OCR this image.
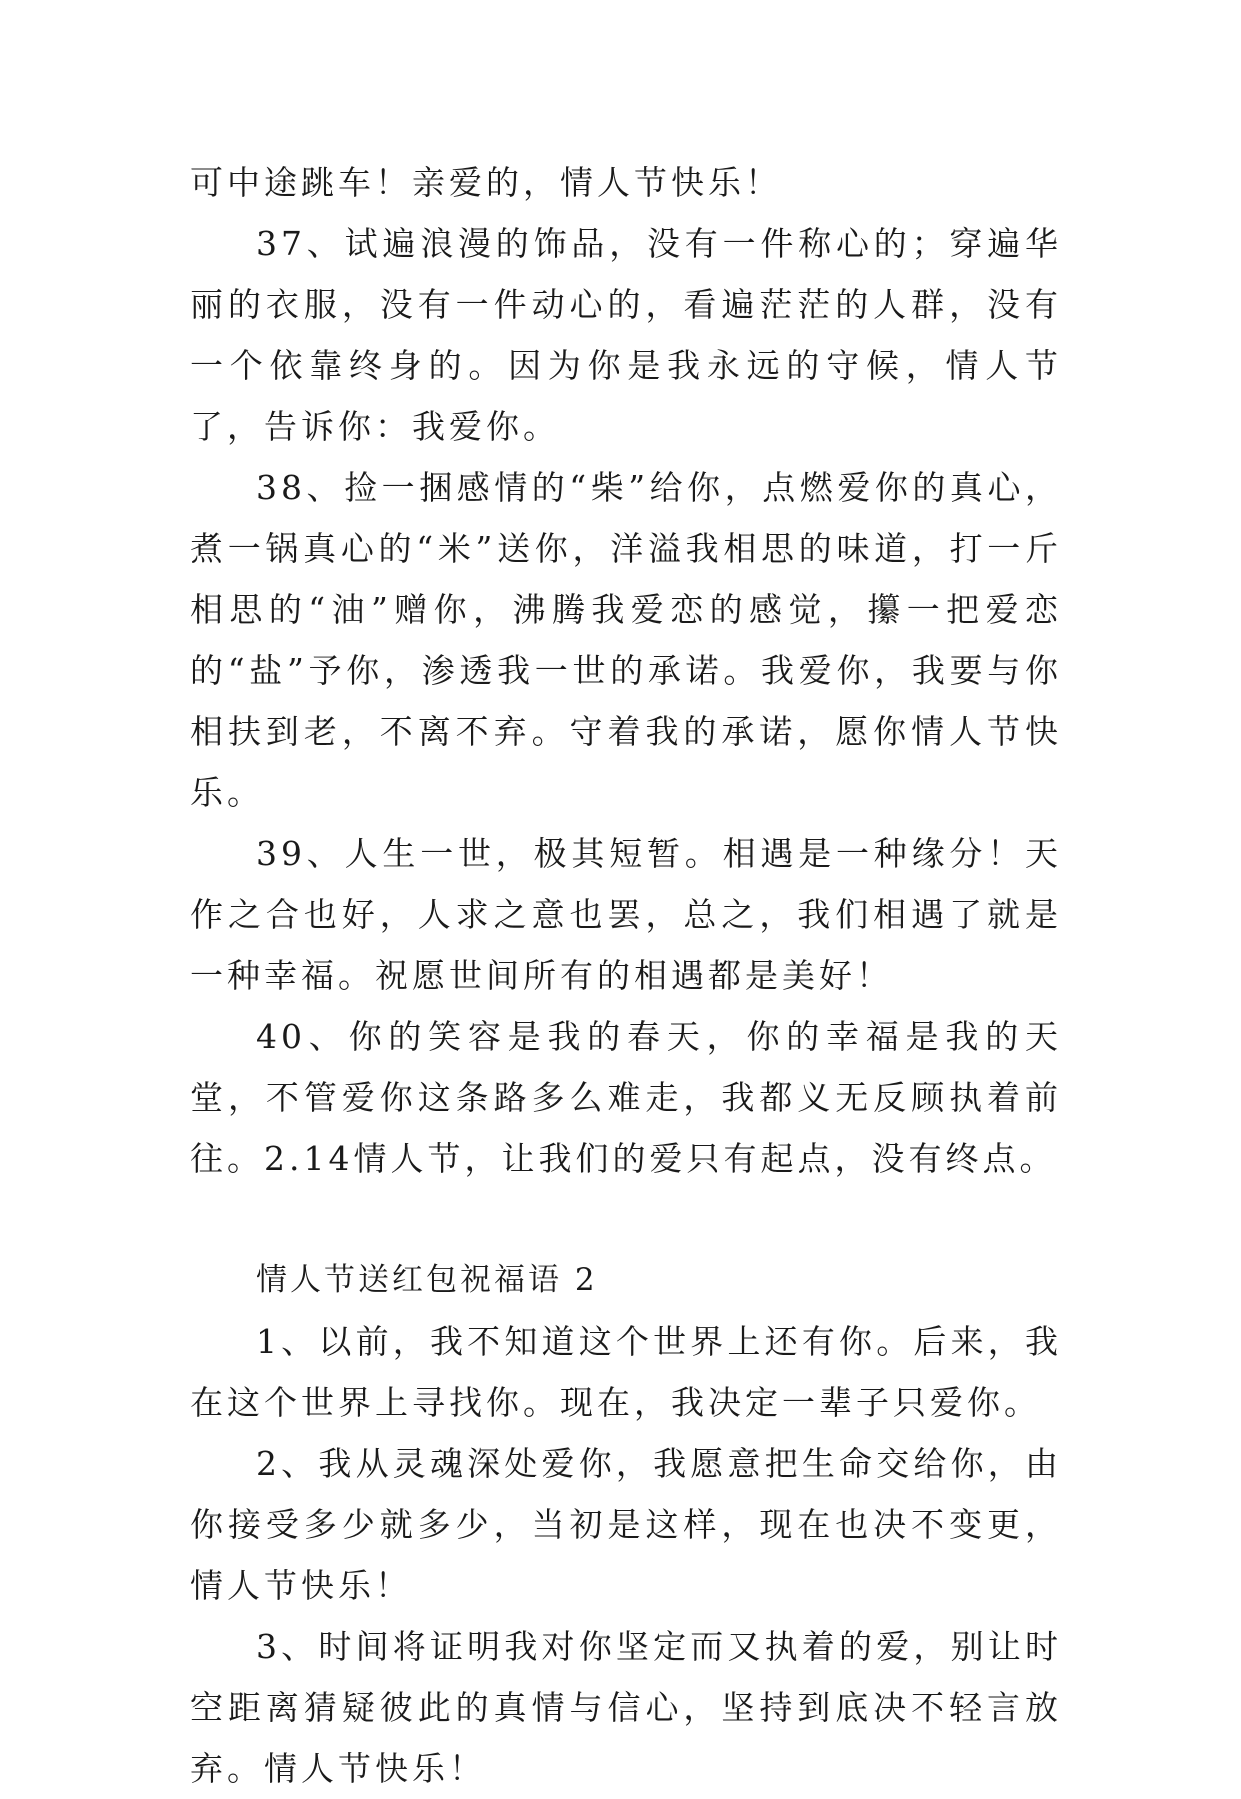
可中途跳车！亲爱的，情人节快乐！

37、试遍浪漫的饰品，没有一件称心的；穿遍华丽的衣服，没有一件动心的，看遍茫茫的人群，没有一个依靠终身的。因为你是我永远的守候，情人节了，告诉你：我爱你。

38、捡一捆感情的“柴”给你，点燃爱你的真心，煮一锅真心的“米”送你，洋溢我相思的味道，打一斤相思的“油”赠你，沸腾我爱恋的感觉，攥一把爱恋的“盐”予你，渗透我一世的承诺。我爱你，我要与你相扶到老，不离不弃。守着我的承诺，愿你情人节快乐。

39、人生一世，极其短暂。相遇是一种缘分！天作之合也好，人求之意也罢，总之，我们相遇了就是一种幸福。祝愿世间所有的相遇都是美好！

40、你的笑容是我的春天，你的幸福是我的天堂，不管爱你这条路多么难走，我都义无反顾执着前往。2.14情人节，让我们的爱只有起点，没有终点。

情人节送红包祝福语 2

1、以前，我不知道这个世界上还有你。后来，我在这个世界上寻找你。现在，我决定一辈子只爱你。

2、我从灵魂深处爱你，我愿意把生命交给你，由你接受多少就多少，当初是这样，现在也决不变更，情人节快乐！

3、时间将证明我对你坚定而又执着的爱，别让时空距离猜疑彼此的真情与信心，坚持到底决不轻言放弃。情人节快乐！
